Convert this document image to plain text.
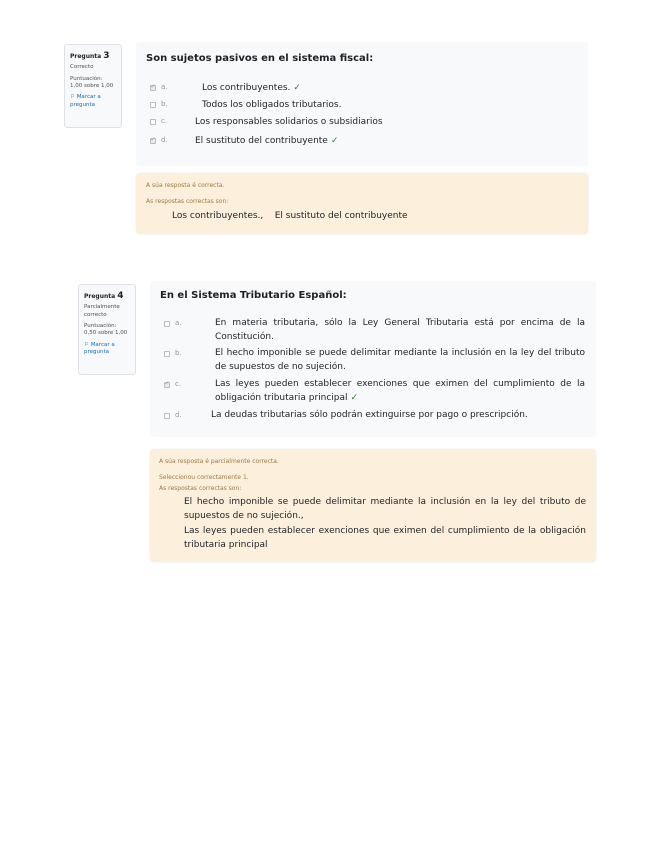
Pregunta 3
Correcto
Puntuación:
1,00 sobre 1,00
⚐ Marcar a pregunta
Son sujetos pasivos en el sistema fiscal:
✓
a.	Los contribuyentes. ✓
b.	Todos los obligados tributarios.
c.	Los responsables solidarios o subsidiarios
✓
d.	El sustituto del contribuyente ✓
A súa resposta é correcta.
As respostas correctas son:
Los contribuyentes.,    El sustituto del contribuyente
Pregunta 4
Parcialmente correcto
Puntuación:
0,50 sobre 1,00
⚐ Marcar a pregunta
En el Sistema Tributario Español:
a.	En materia tributaria, sólo la Ley General Tributaria está por encima de la Constitución.
b.	El hecho imponible se puede delimitar mediante la inclusión en la ley del tributo de supuestos de no sujeción.
✓
c.	Las leyes pueden establecer exenciones que eximen del cumplimiento de la obligación tributaria principal ✓
d.	La deudas tributarias sólo podrán extinguirse por pago o prescripción.
A súa resposta é parcialmente correcta.
Seleccionou correctamente 1.
As respostas correctas son:
El hecho imponible se puede delimitar mediante la inclusión en la ley del tributo de supuestos de no sujeción.,
Las leyes pueden establecer exenciones que eximen del cumplimiento de la obligación tributaria principal
